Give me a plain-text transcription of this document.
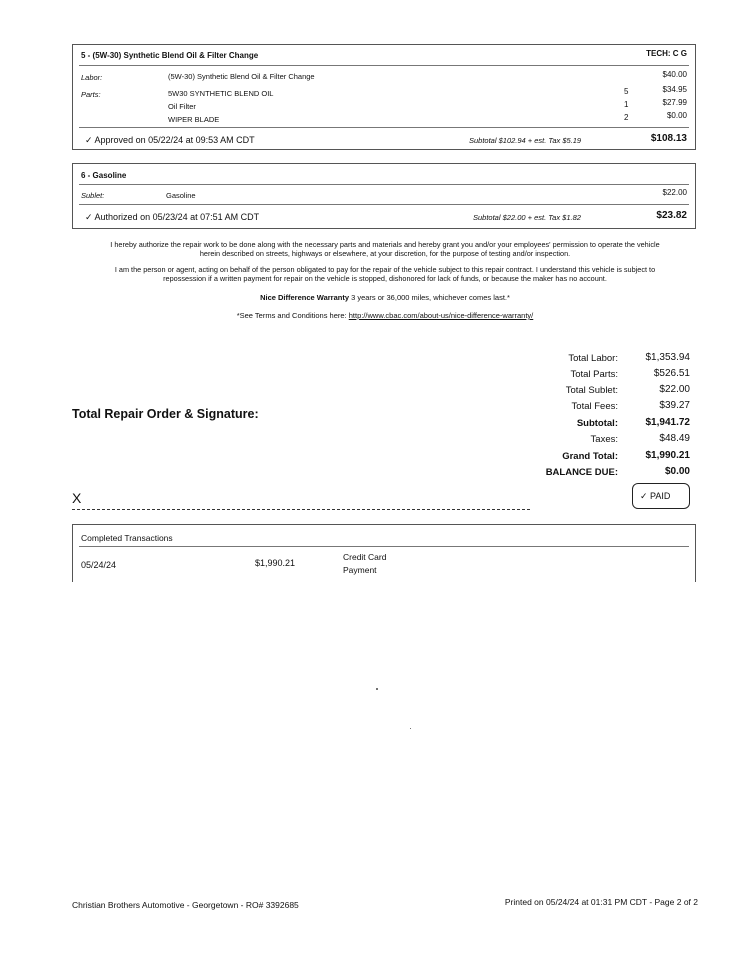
5 - (5W-30) Synthetic Blend Oil & Filter Change	TECH: C G
Labor:	(5W-30) Synthetic Blend Oil & Filter Change	$40.00
Parts:	5W30 SYNTHETIC BLEND OIL	5	$34.95
Oil Filter	1	$27.99
WIPER BLADE	2	$0.00
✓ Approved on 05/22/24 at 09:53 AM CDT	Subtotal $102.94 + est. Tax $5.19	$108.13
6 - Gasoline
Sublet:	Gasoline	$22.00
✓ Authorized on 05/23/24 at 07:51 AM CDT	Subtotal $22.00 + est. Tax $1.82	$23.82
I hereby authorize the repair work to be done along with the necessary parts and materials and hereby grant you and/or your employees' permission to operate the vehicle
herein described on streets, highways or elsewhere, at your discretion, for the purpose of testing and/or inspection.
I am the person or agent, acting on behalf of the person obligated to pay for the repair of the vehicle subject to this repair contract. I understand this vehicle is subject to
repossession if a written payment for repair on the vehicle is stopped, dishonored for lack of funds, or because the maker has no account.
Nice Difference Warranty 3 years or 36,000 miles, whichever comes last.*
*See Terms and Conditions here: http://www.cbac.com/about-us/nice-difference-warranty/
Total Repair Order & Signature:
Total Labor:	$1,353.94
Total Parts:	$526.51
Total Sublet:	$22.00
Total Fees:	$39.27
Subtotal:	$1,941.72
Taxes:	$48.49
Grand Total:	$1,990.21
BALANCE DUE:	$0.00
X	✓ PAID
Completed Transactions
05/24/24	$1,990.21
Credit Card
Payment
Christian Brothers Automotive - Georgetown - RO# 3392685	Printed on 05/24/24 at 01:31 PM CDT - Page 2 of 2
